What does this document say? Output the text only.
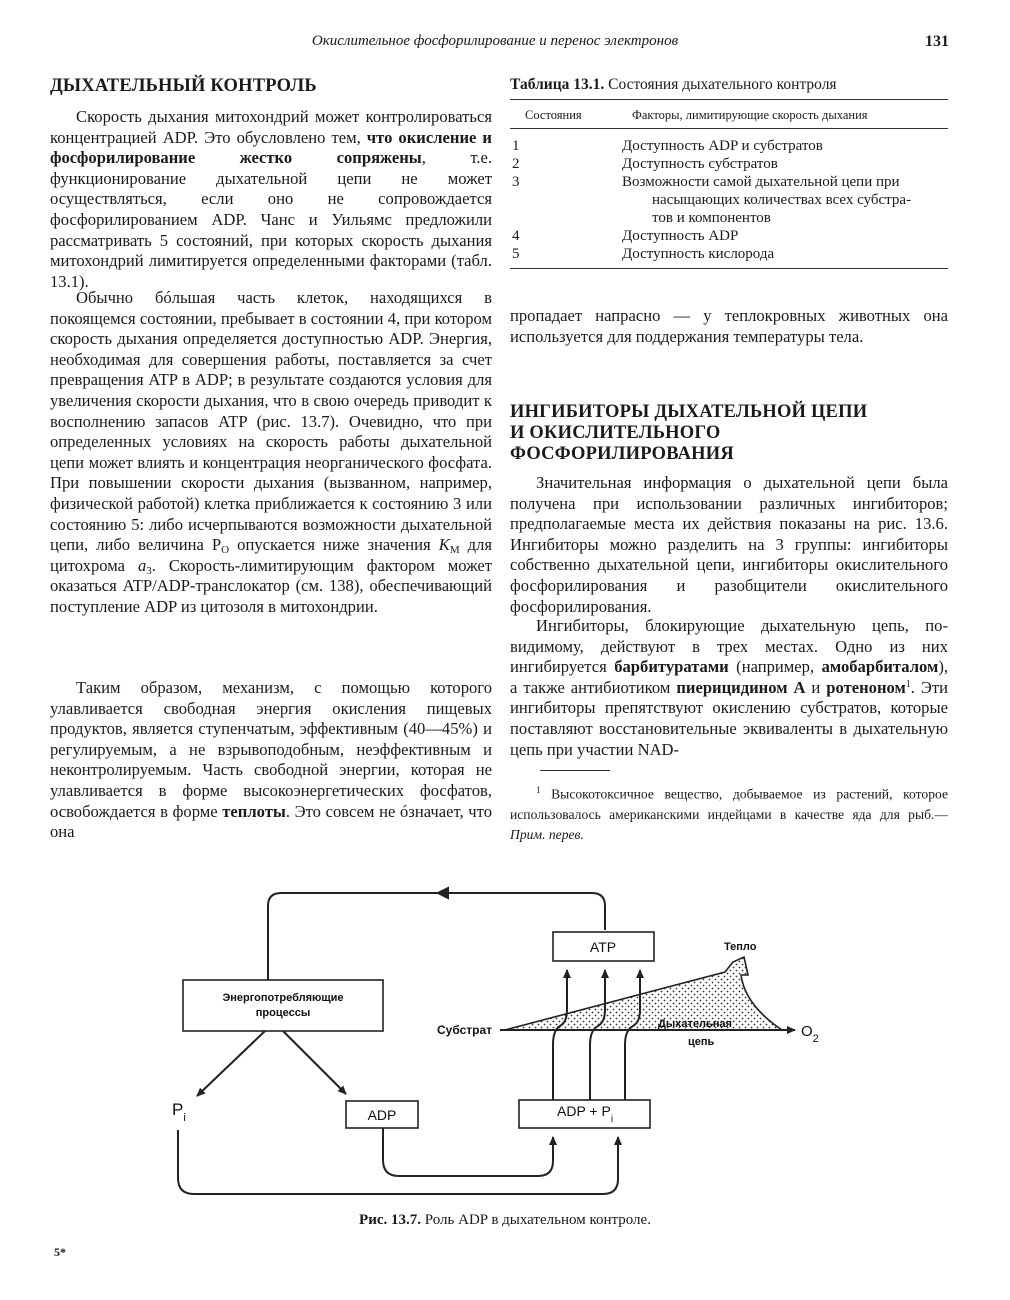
Окислительное фосфорилирование и перенос электронов	131
ДЫХАТЕЛЬНЫЙ КОНТРОЛЬ

Скорость дыхания митохондрий может контролироваться концентрацией ADP. Это обусловлено тем, что окисление и фосфорилирование жестко сопряжены, т.е. функционирование дыхательной цепи не может осуществляться, если оно не сопровождается фосфорилированием ADP. Чанс и Уильямс предложили рассматривать 5 состояний, при которых скорость дыхания митохондрий лимитируется определенными факторами (табл. 13.1).

Обычно бóльшая часть клеток, находящихся в покоящемся состоянии, пребывает в состоянии 4, при котором скорость дыхания определяется доступностью ADP. Энергия, необходимая для совершения работы, поставляется за счет превращения ATP в ADP; в результате создаются условия для увеличения скорости дыхания, что в свою очередь приводит к восполнению запасов ATP (рис. 13.7). Очевидно, что при определенных условиях на скорость работы дыхательной цепи может влиять и концентрация неорганического фосфата. При повышении скорости дыхания (вызванном, например, физической работой) клетка приближается к состоянию 3 или состоянию 5: либо исчерпываются возможности дыхательной цепи, либо величина $P_O$ опускается ниже значения $K_M$ для цитохрома $a_3$. Скорость-лимитирующим фактором может оказаться ATP/ADP-транслокатор (см. 138), обеспечивающий поступление ADP из цитозоля в митохондрии.

Таким образом, механизм, с помощью которого улавливается свободная энергия окисления пищевых продуктов, является ступенчатым, эффективным (40—45%) и регулируемым, а не взрывоподобным, неэффективным и неконтролируемым. Часть свободной энергии, которая не улавливается в форме высокоэнергетических фосфатов, освобождается в форме теплоты. Это совсем не óзначает, что она

Таблица 13.1. Состояния дыхательного контроля
Состояния	Факторы, лимитирующие скорость дыхания
1	Доступность ADP и субстратов
2	Доступность субстратов
3	Возможности самой дыхательной цепи при
насыщающих количествах всех субстра-
тов и компонентов
4	Доступность ADP
5	Доступность кислорода

пропадает напрасно — у теплокровных животных она используется для поддержания температуры тела.

ИНГИБИТОРЫ ДЫХАТЕЛЬНОЙ ЦЕПИ
И ОКИСЛИТЕЛЬНОГО
ФОСФОРИЛИРОВАНИЯ

Значительная информация о дыхательной цепи была получена при использовании различных ингибиторов; предполагаемые места их действия показаны на рис. 13.6. Ингибиторы можно разделить на 3 группы: ингибиторы собственно дыхательной цепи, ингибиторы окислительного фосфорилирования и разобщители окислительного фосфорилирования.

Ингибиторы, блокирующие дыхательную цепь, по-видимому, действуют в трех местах. Одно из них ингибируется барбитуратами (например, амобарбиталом), а также антибиотиком пиерицидином А и ротеноном$^1$. Эти ингибиторы препятствуют окислению субстратов, которые поставляют восстановительные эквиваленты в дыхательную цепь при участии NAD-

$^1$ Высокотоксичное вещество, добываемое из растений, которое использовалось американскими индейцами в качестве яда для рыб.— Прим. перев.
Энергопотребляющие
процессы
ATP
ADP	ADP + $P_i$
$P_i$
Субстрат
Тепло
Дыхательная
цепь
$O_2$
Рис. 13.7. Роль ADP в дыхательном контроле.
5*
